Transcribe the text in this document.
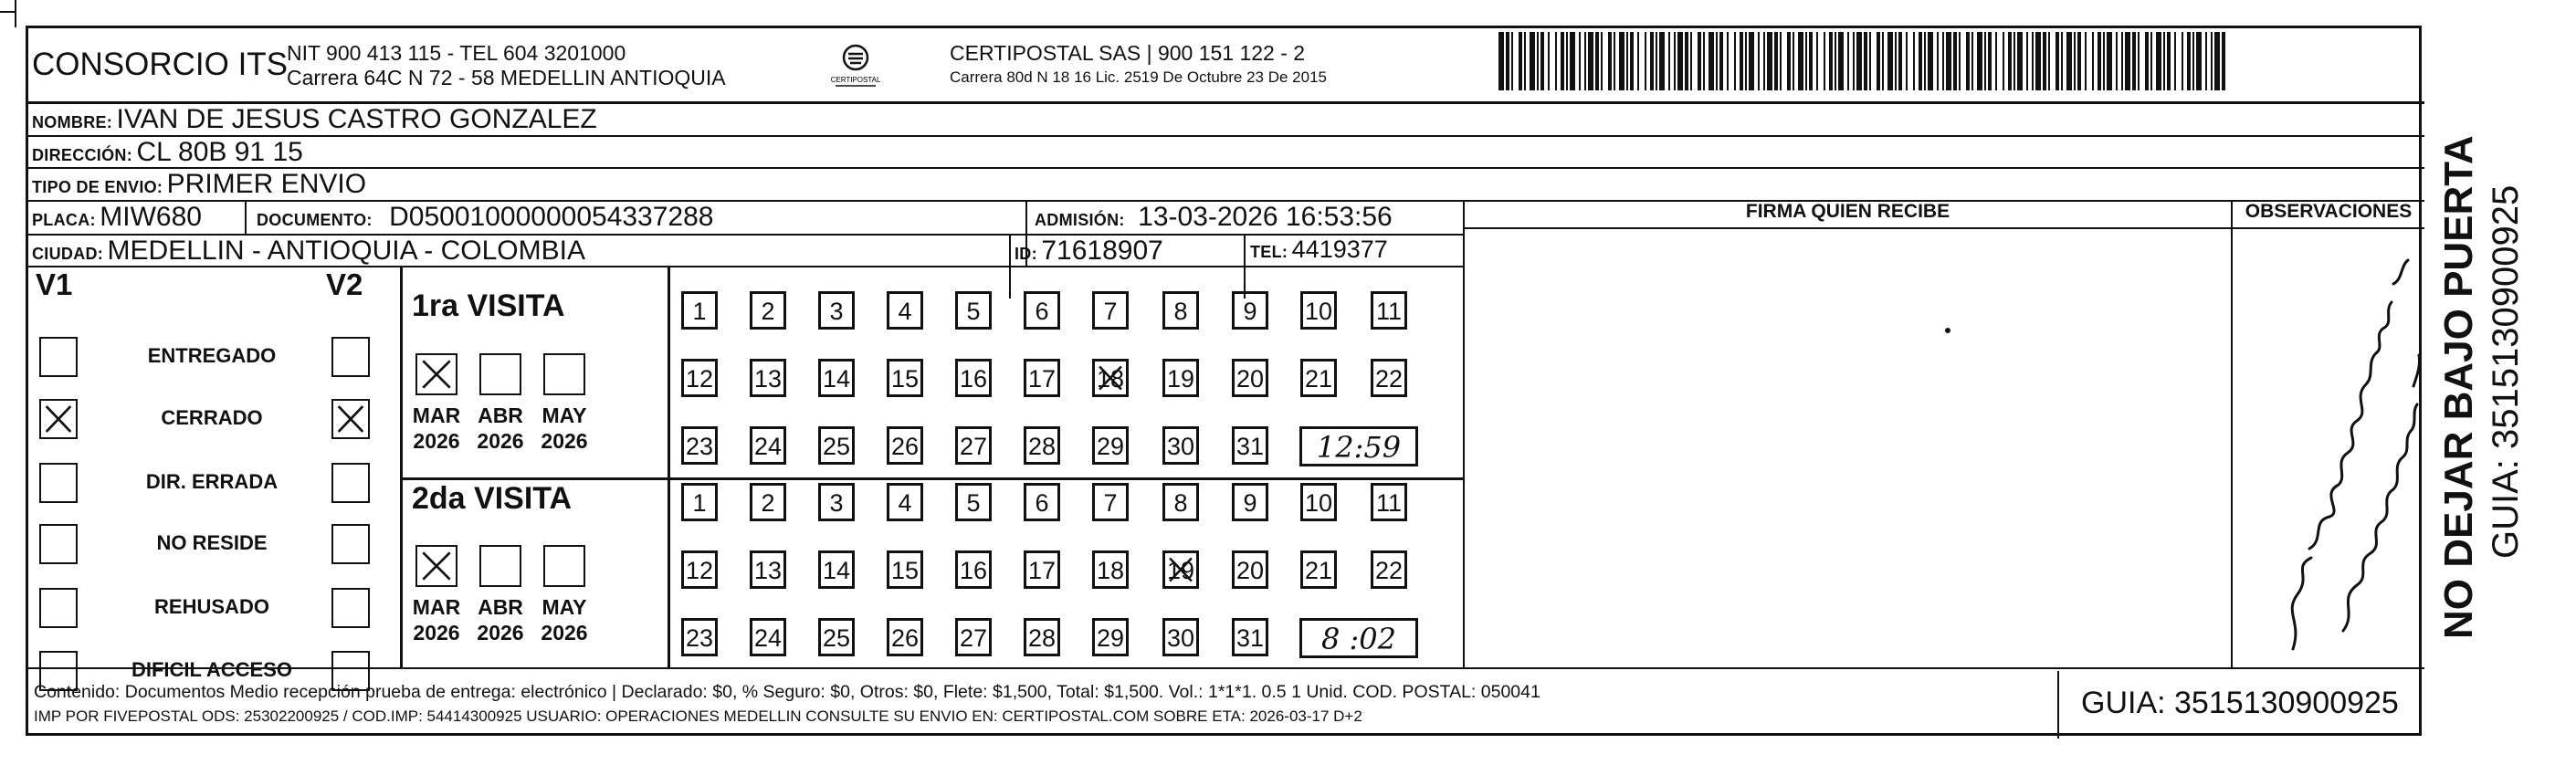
CONSORCIO ITS
NIT 900 413 115 - TEL 604 3201000
Carrera 64C N 72 - 58 MEDELLIN ANTIOQUIA	CERTIPOSTAL
CERTIPOSTAL SAS | 900 151 122 - 2
Carrera 80d N 18 16 Lic. 2519 De Octubre 23 De 2015
NOMBRE: IVAN DE JESUS CASTRO GONZALEZ
DIRECCIÓN: CL 80B 91 15
TIPO DE ENVIO: PRIMER ENVIO
FIRMA QUIEN RECIBE	OBSERVACIONES
PLACA: MIW680	DOCUMENTO: D05001000000054337288	ADMISIÓN: 13-03-2026 16:53:56
CIUDAD: MEDELLIN - ANTIOQUIA - COLOMBIA	ID: 71618907	TEL: 4419377
V1	V2
ENTREGADO
CERRADO
DIR. ERRADA
NO RESIDE
REHUSADO
DIFICIL ACCESO
1ra VISITA
MAR
2026
ABR
2026
MAY
2026
1	2	3	4	5	6	7	8	9	10 11
12 13 14 15 16 17 18 19 20 21 22
23 24 25 26 27 28 29 30 31	12:59
2da VISITA
MAR
2026
ABR
2026
MAY
2026
1	2	3	4	5	6	7	8	9	10 11
12 13 14 15 16 17 18 19 20 21 22
23 24 25 26 27 28 29 30 31	8 :02
Contenido: Documentos Medio recepción prueba de entrega: electrónico | Declarado: $0, % Seguro: $0, Otros: $0, Flete: $1,500, Total: $1,500. Vol.: 1*1*1. 0.5 1 Unid. COD. POSTAL: 050041
IMP POR FIVEPOSTAL ODS: 25302200925 / COD.IMP: 54414300925 USUARIO: OPERACIONES MEDELLIN CONSULTE SU ENVIO EN: CERTIPOSTAL.COM SOBRE ETA: 2026-03-17 D+2	GUIA: 3515130900925
NO DEJAR BAJO PUERTA GUIA: 3515130900925
